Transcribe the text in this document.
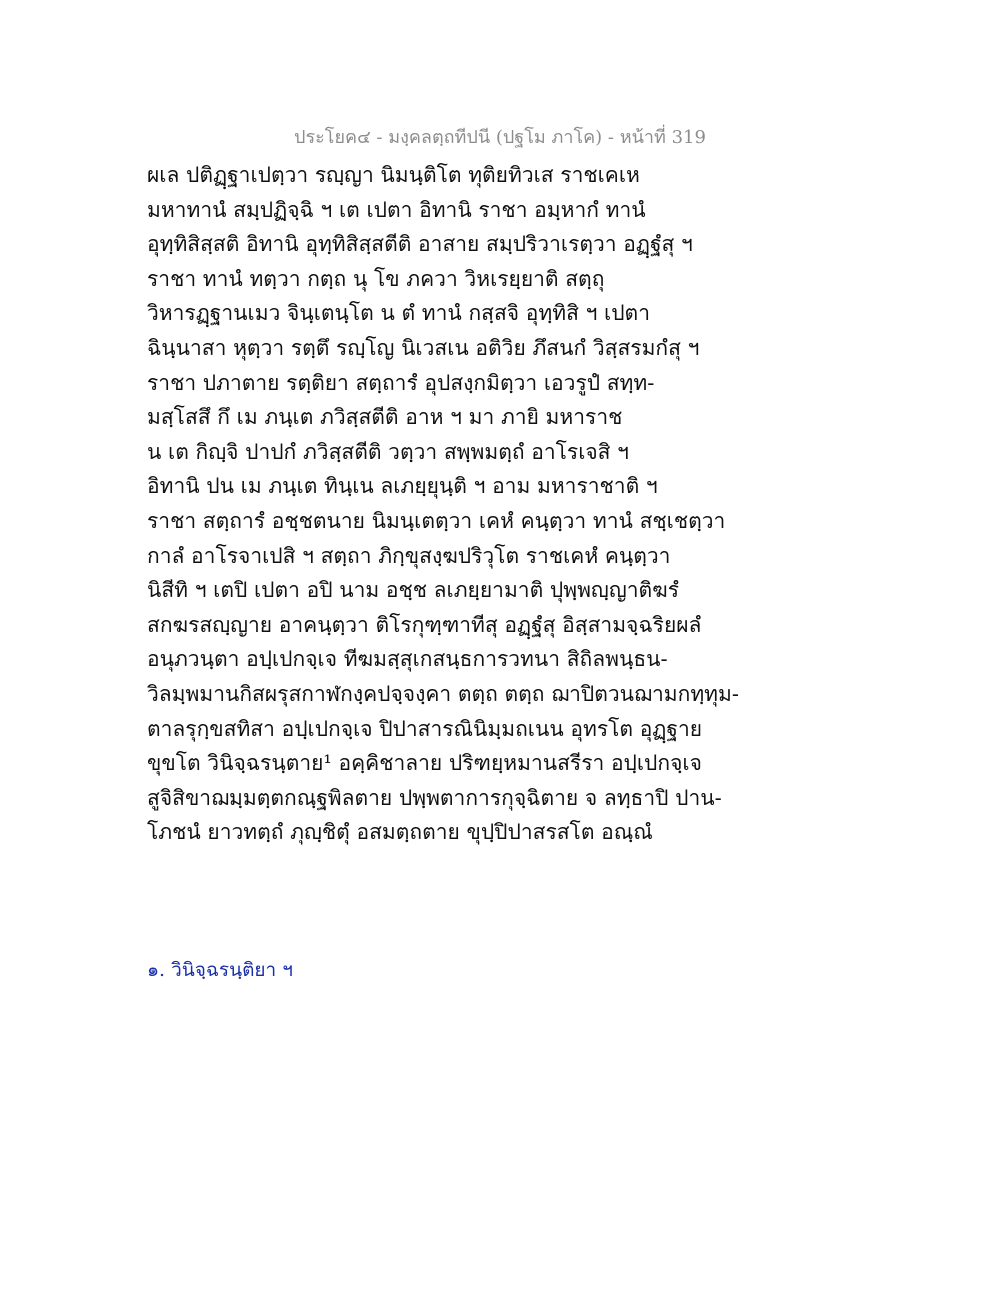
ประโยค๔ - มงฺคลตฺถทีปนี (ปฐโม ภาโค) - หน้าที่ 319
ผเล ปติฏฺฐาเปตฺวา รญฺญา นิมนฺติโต ทุติยทิวเส ราชเคเห
มหาทานํ สมฺปฏิจฺฉิ ฯ เต เปตา อิทานิ ราชา อมฺหากํ ทานํ
อุทฺทิสิสฺสติ อิทานิ อุทฺทิสิสฺสตีติ อาสาย สมฺปริวาเรตฺวา อฏฺฐํสุ ฯ
ราชา ทานํ ทตฺวา กตฺถ นุ โข ภควา วิหเรยฺยาติ สตฺถุ
วิหารฏฺฐานเมว จินฺเตนฺโต น ตํ ทานํ กสฺสจิ อุทฺทิสิ ฯ เปตา
ฉินฺนาสา หุตฺวา รตฺตึ รญฺโญ นิเวสเน อติวิย ภึสนกํ วิสฺสรมกํสุ ฯ
ราชา ปภาตาย รตฺติยา สตฺถารํ อุปสงฺกมิตฺวา เอวรูปํ สทฺท-
มสฺโสสึ กึ เม ภนฺเต ภวิสฺสตีติ อาห ฯ มา ภายิ มหาราช
น เต กิญฺจิ ปาปกํ ภวิสฺสตีติ วตฺวา สพฺพมตฺถํ อาโรเจสิ ฯ
อิทานิ ปน เม ภนฺเต ทินฺเน ลเภยฺยุนฺติ ฯ อาม มหาราชาติ ฯ
ราชา สตฺถารํ อชฺชตนาย นิมนฺเตตฺวา เคหํ คนฺตฺวา ทานํ สชฺเชตฺวา
กาลํ อาโรจาเปสิ ฯ สตฺถา ภิกฺขุสงฺฆปริวุโต ราชเคหํ คนฺตฺวา
นิสีทิ ฯ เตปิ เปตา อปิ นาม อชฺช ลเภยฺยามาติ ปุพฺพญฺญาติฆรํ
สกฆรสญฺญาย อาคนฺตฺวา ติโรกุฑฺฑาทีสุ อฏฺฐํสุ อิสฺสามจฺฉริยผลํ
อนุภวนฺตา อปฺเปกจฺเจ ทีฆมสฺสุเกสนฺธการวทนา สิถิลพนฺธน-
วิลมฺพมานกิสผรุสกาฬกงฺคปจฺจงฺคา ตตฺถ ตตฺถ ฌาปิตวนฌามกทฺทุม-
ตาลรุกฺขสทิสา อปฺเปกจฺเจ ปิปาสารณินิมฺมถเนน อุทรโต อุฏฺฐาย
ขุขโต วินิจฺฉรนฺตาย¹ อคฺคิชาลาย ปริฑยฺหมานสรีรา อปฺเปกจฺเจ
สูจิสิขาฌมฺมตฺตกณฺฐพิลตาย ปพฺพตาการกุจฺฉิตาย จ ลทฺธาปิ ปาน-
โภชนํ ยาวทตฺถํ ภุญฺชิตุํ อสมตฺถตาย ขุปฺปิปาสรสโต อณฺณํ
๑. วินิจฺฉรนฺติยา ฯ
